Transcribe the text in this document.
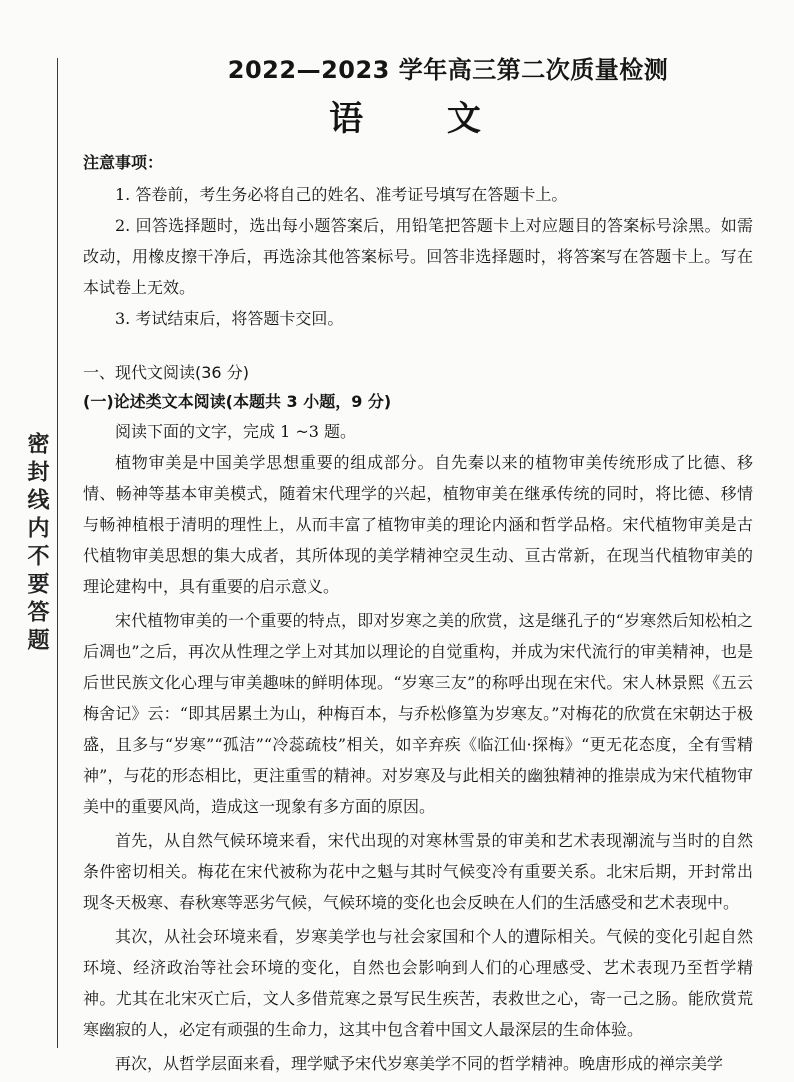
密封线内不要答题
2022—2023 学年高三第二次质量检测
语 文
注意事项：

1. 答卷前，考生务必将自己的姓名、准考证号填写在答题卡上。

2. 回答选择题时，选出每小题答案后，用铅笔把答题卡上对应题目的答案标号涂黑。如需改动，用橡皮擦干净后，再选涂其他答案标号。回答非选择题时，将答案写在答题卡上。写在本试卷上无效。

3. 考试结束后，将答题卡交回。

一、现代文阅读(36 分)

(一)论述类文本阅读(本题共 3 小题，9 分)

阅读下面的文字，完成 1 ~3 题。

植物审美是中国美学思想重要的组成部分。自先秦以来的植物审美传统形成了比德、移情、畅神等基本审美模式，随着宋代理学的兴起，植物审美在继承传统的同时，将比德、移情与畅神植根于清明的理性上，从而丰富了植物审美的理论内涵和哲学品格。宋代植物审美是古代植物审美思想的集大成者，其所体现的美学精神空灵生动、亘古常新，在现当代植物审美的理论建构中，具有重要的启示意义。

宋代植物审美的一个重要的特点，即对岁寒之美的欣赏，这是继孔子的“岁寒然后知松柏之后凋也”之后，再次从性理之学上对其加以理论的自觉重构，并成为宋代流行的审美精神，也是后世民族文化心理与审美趣味的鲜明体现。“岁寒三友”的称呼出现在宋代。宋人林景熙《五云梅舍记》云：“即其居累土为山，种梅百本，与乔松修篁为岁寒友。”对梅花的欣赏在宋朝达于极盛，且多与“岁寒”“孤洁”“冷蕊疏枝”相关，如辛弃疾《临江仙·探梅》“更无花态度，全有雪精神”，与花的形态相比，更注重雪的精神。对岁寒及与此相关的幽独精神的推崇成为宋代植物审美中的重要风尚，造成这一现象有多方面的原因。

首先，从自然气候环境来看，宋代出现的对寒林雪景的审美和艺术表现潮流与当时的自然条件密切相关。梅花在宋代被称为花中之魁与其时气候变冷有重要关系。北宋后期，开封常出现冬天极寒、春秋寒等恶劣气候，气候环境的变化也会反映在人们的生活感受和艺术表现中。

其次，从社会环境来看，岁寒美学也与社会家国和个人的遭际相关。气候的变化引起自然环境、经济政治等社会环境的变化，自然也会影响到人们的心理感受、艺术表现乃至哲学精神。尤其在北宋灭亡后，文人多借荒寒之景写民生疾苦，表救世之心，寄一己之肠。能欣赏荒寒幽寂的人，必定有顽强的生命力，这其中包含着中国文人最深层的生命体验。

再次，从哲学层面来看，理学赋予宋代岁寒美学不同的哲学精神。晚唐形成的禅宗美学
